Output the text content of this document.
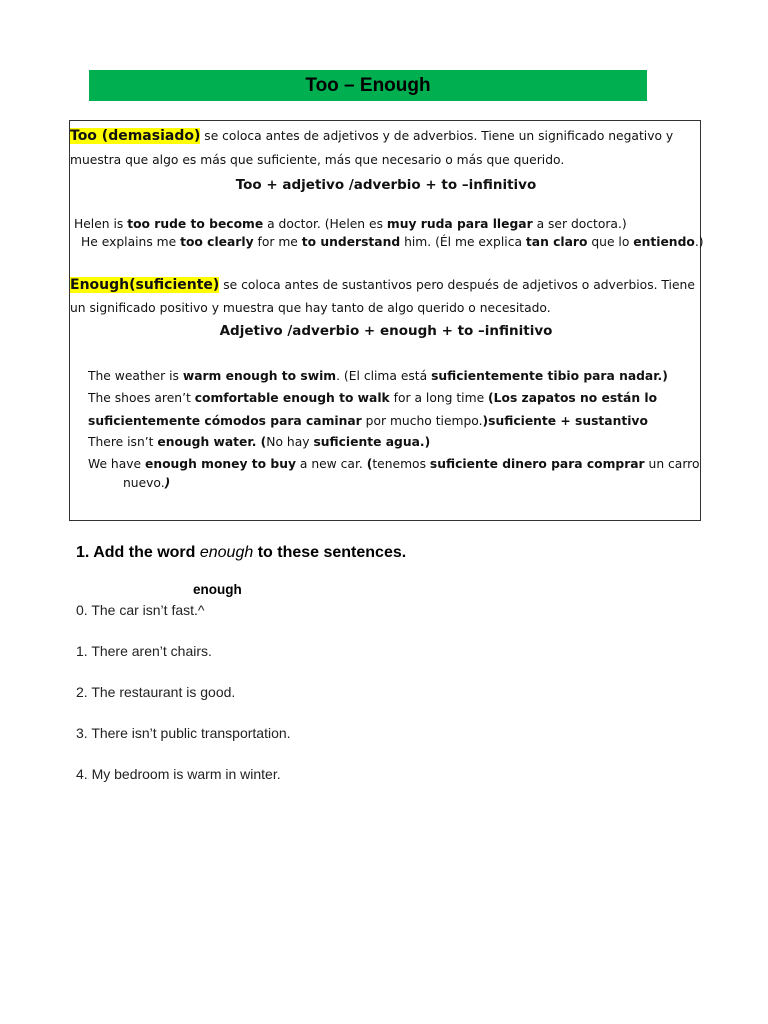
Too – Enough
Too (demasiado) se coloca antes de adjetivos y de adverbios. Tiene un significado negativo y
muestra que algo es más que suficiente, más que necesario o más que querido.
Too + adjetivo /adverbio + to –infinitivo
Helen is too rude to become a doctor. (Helen es muy ruda para llegar a ser doctora.)
He explains me too clearly for me to understand him. (Él me explica tan claro que lo entiendo.)
Enough(suficiente) se coloca antes de sustantivos pero después de adjetivos o adverbios. Tiene
un significado positivo y muestra que hay tanto de algo querido o necesitado.
Adjetivo /adverbio + enough + to –infinitivo
The weather is warm enough to swim. (El clima está suficientemente tibio para nadar.)
The shoes aren’t comfortable enough to walk for a long time (Los zapatos no están lo
suficientemente cómodos para caminar por mucho tiempo.)suficiente + sustantivo
There isn’t enough water. (No hay suficiente agua.)
We have enough money to buy a new car. (tenemos suficiente dinero para comprar un carro
nuevo.)
1. Add the word enough to these sentences.
enough
0. The car isn’t fast.^
1. There aren’t chairs.
2. The restaurant is good.
3. There isn’t public transportation.
4. My bedroom is warm in winter.
